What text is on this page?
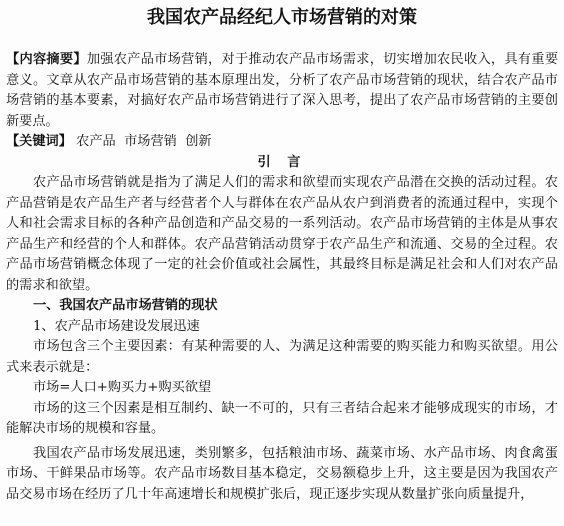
我国农产品经纪人市场营销的对策

【内容摘要】加强农产品市场营销，对于推动农产品市场需求，切实增加农民收入，具有重要意义。文章从农产品市场营销的基本原理出发，分析了农产品市场营销的现状，结合农产品市场营销的基本要素，对搞好农产品市场营销进行了深入思考，提出了农产品市场营销的主要创新要点。

【关键词】 农产品  市场营销  创新

引 言

农产品市场营销就是指为了满足人们的需求和欲望而实现农产品潜在交换的活动过程。农产品营销是农产品生产者与经营者个人与群体在农产品从农户到消费者的流通过程中，实现个人和社会需求目标的各种产品创造和产品交易的一系列活动。农产品市场营销的主体是从事农产品生产和经营的个人和群体。农产品营销活动贯穿于农产品生产和流通、交易的全过程。农产品市场营销概念体现了一定的社会价值或社会属性，其最终目标是满足社会和人们对农产品的需求和欲望。

一、我国农产品市场营销的现状

1、农产品市场建设发展迅速

市场包含三个主要因素：有某种需要的人、为满足这种需要的购买能力和购买欲望。用公式来表示就是：

市场=人口+购买力+购买欲望

市场的这三个因素是相互制约、缺一不可的，只有三者结合起来才能够成现实的市场，才能解决市场的规模和容量。

我国农产品市场发展迅速，类别繁多，包括粮油市场、蔬菜市场、水产品市场、肉食禽蛋市场、干鲜果品市场等。农产品市场数目基本稳定，交易额稳步上升，这主要是因为我国农产品交易市场在经历了几十年高速增长和规模扩张后，现正逐步实现从数量扩张向质量提升，
